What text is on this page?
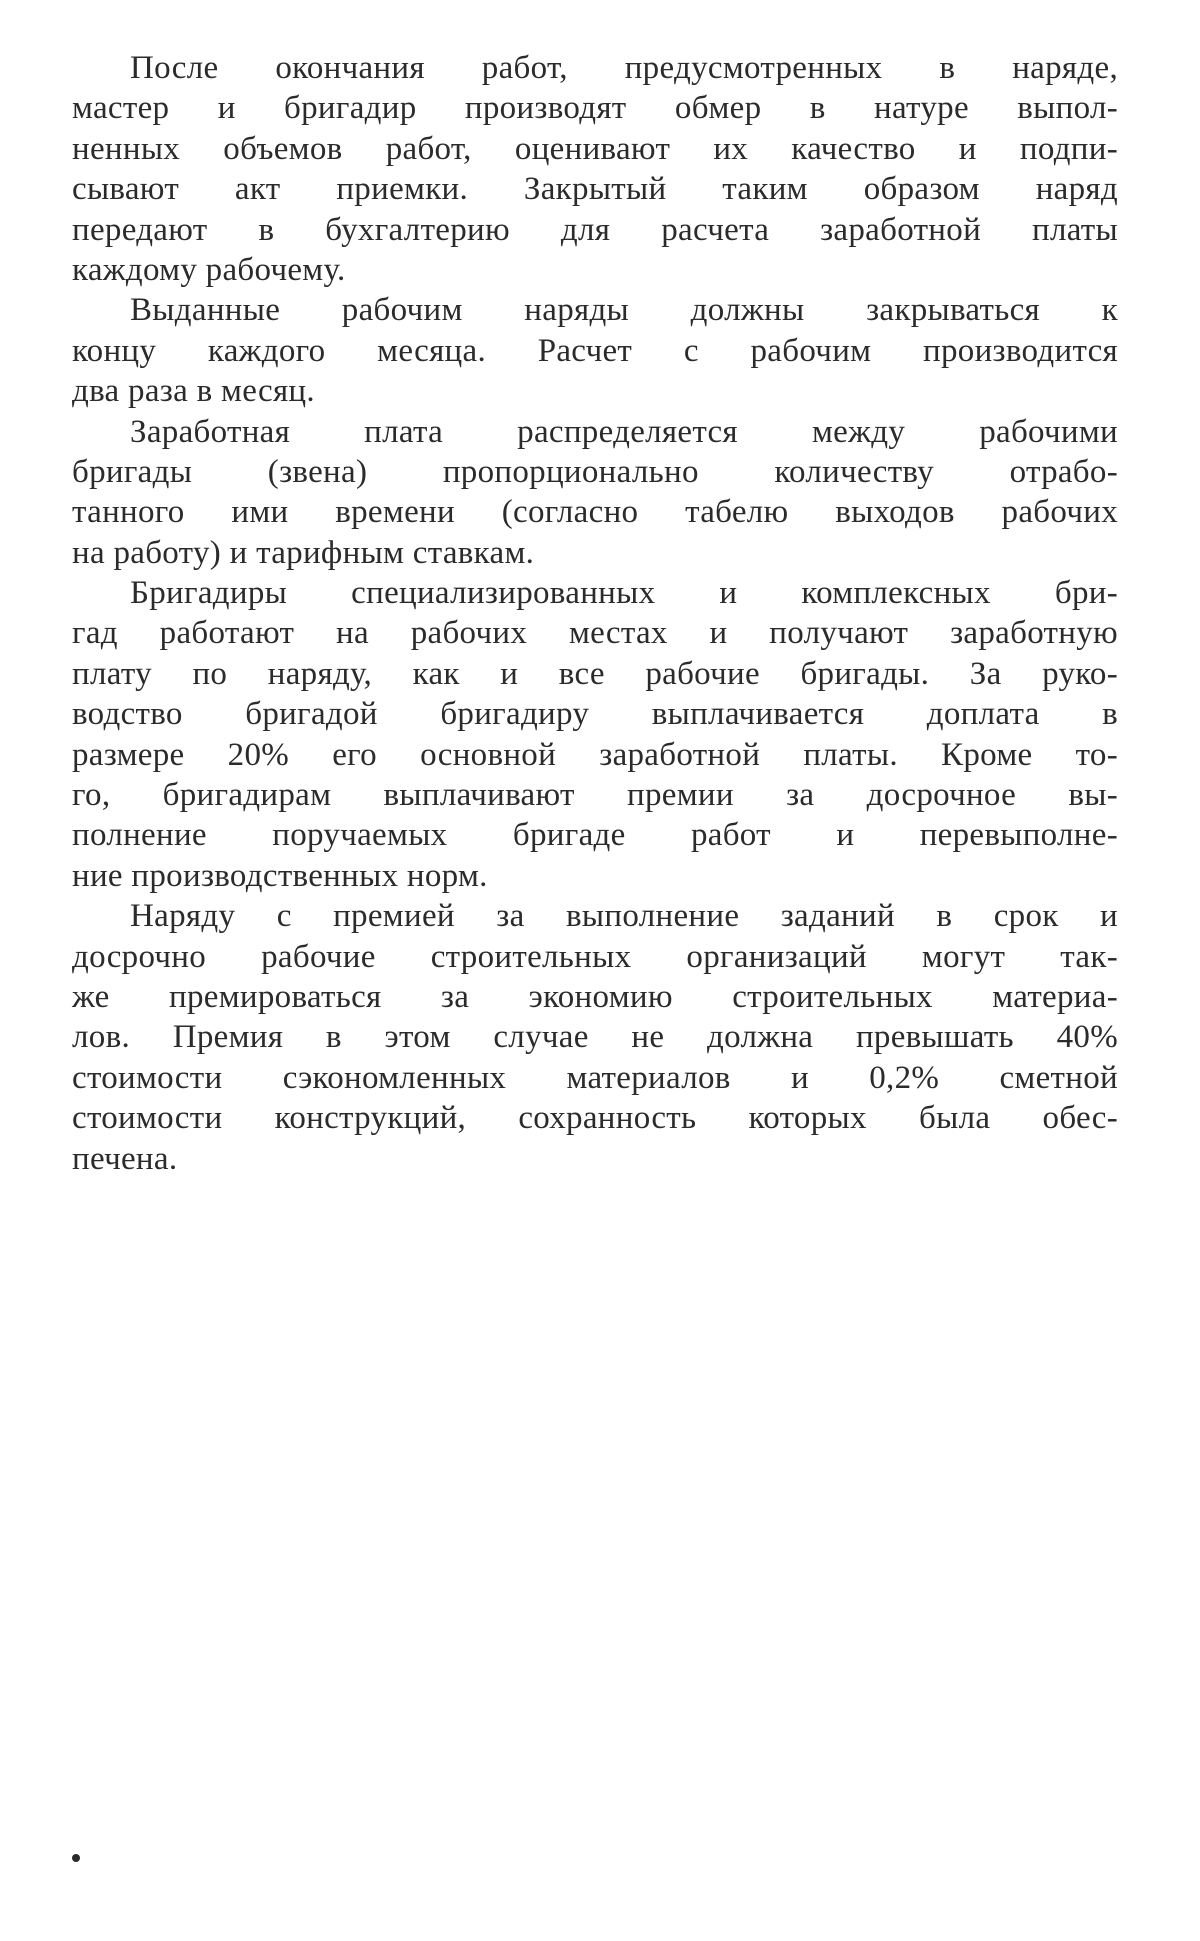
После окончания работ, предусмотренных в наряде,
мастер и бригадир производят обмер в натуре выпол-
ненных объемов работ, оценивают их качество и подпи-
сывают акт приемки. Закрытый таким образом наряд
передают в бухгалтерию для расчета заработной платы
каждому рабочему.
Выданные рабочим наряды должны закрываться к
концу каждого месяца. Расчет с рабочим производится
два раза в месяц.
Заработная плата распределяется между рабочими
бригады (звена) пропорционально количеству отрабо-
танного ими времени (согласно табелю выходов рабочих
на работу) и тарифным ставкам.
Бригадиры специализированных и комплексных бри-
гад работают на рабочих местах и получают заработную
плату по наряду, как и все рабочие бригады. За руко-
водство бригадой бригадиру выплачивается доплата в
размере 20% его основной заработной платы. Кроме то-
го, бригадирам выплачивают премии за досрочное вы-
полнение поручаемых бригаде работ и перевыполне-
ние производственных норм.
Наряду с премией за выполнение заданий в срок и
досрочно рабочие строительных организаций могут так-
же премироваться за экономию строительных материа-
лов. Премия в этом случае не должна превышать 40%
стоимости сэкономленных материалов и 0,2% сметной
стоимости конструкций, сохранность которых была обес-
печена.
